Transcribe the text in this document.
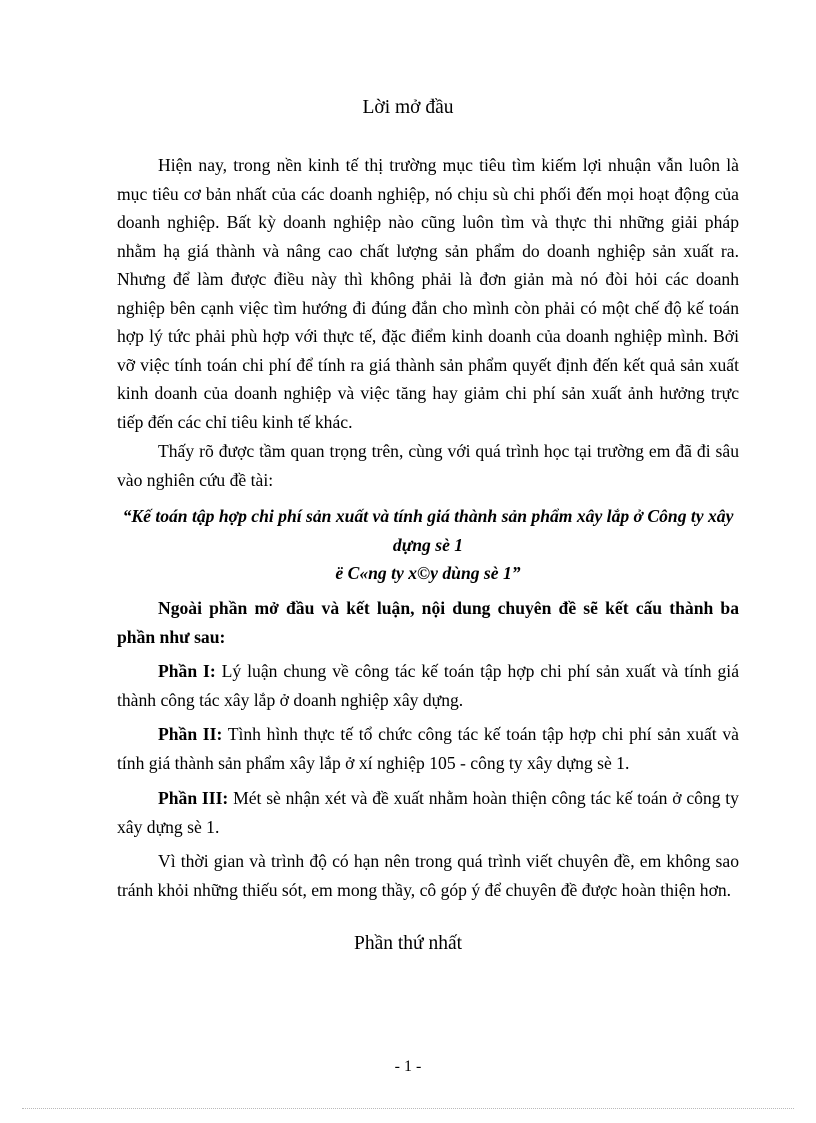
Lời mở đầu

Hiện nay, trong nền kinh tế thị trường mục tiêu tìm kiếm lợi nhuận vẫn luôn là mục tiêu cơ bản nhất của các doanh nghiệp, nó chịu sù chi phối đến mọi hoạt động của doanh nghiệp. Bất kỳ doanh nghiệp nào cũng luôn tìm và thực thi những giải pháp nhằm hạ giá thành và nâng cao chất lượng sản phẩm do doanh nghiệp sản xuất ra. Nhưng để làm được điều này thì không phải là đơn giản mà nó đòi hỏi các doanh nghiệp bên cạnh việc tìm hướng đi đúng đắn cho mình còn phải có một chế độ kế toán hợp lý tức phải phù hợp với thực tế, đặc điểm kinh doanh của doanh nghiệp mình. Bởi vỡ việc tính toán chi phí để tính ra giá thành sản phẩm quyết định đến kết quả sản xuất kinh doanh của doanh nghiệp và việc tăng hay giảm chi phí sản xuất ảnh hưởng trực tiếp đến các chỉ tiêu kinh tế khác.

Thấy rõ được tầm quan trọng trên, cùng với quá trình học tại trường em đã đi sâu vào nghiên cứu đề tài:

“Kế toán tập hợp chi phí sản xuất và tính giá thành sản phẩm xây lắp ở Công ty xây dựng sè 1

ë C«ng ty x©y dùng sè 1”

Ngoài phần mở đầu và kết luận, nội dung chuyên đề sẽ kết cấu thành ba phần như sau:

Phần I: Lý luận chung về công tác kế toán tập hợp chi phí sản xuất và tính giá thành công tác xây lắp ở doanh nghiệp xây dựng.

Phần II: Tình hình thực tế tổ chức công tác kế toán tập hợp chi phí sản xuất và tính giá thành sản phẩm xây lắp ở xí nghiệp 105 - công ty xây dựng sè 1.

Phần III: Mét sè nhận xét và đề xuất nhằm hoàn thiện công tác kế toán ở công ty xây dựng sè 1.

Vì thời gian và trình độ có hạn nên trong quá trình viết chuyên đề, em không sao tránh khỏi những thiếu sót, em mong thầy, cô góp ý để chuyên đề được hoàn thiện hơn.

Phần thứ nhất
- 1 -
